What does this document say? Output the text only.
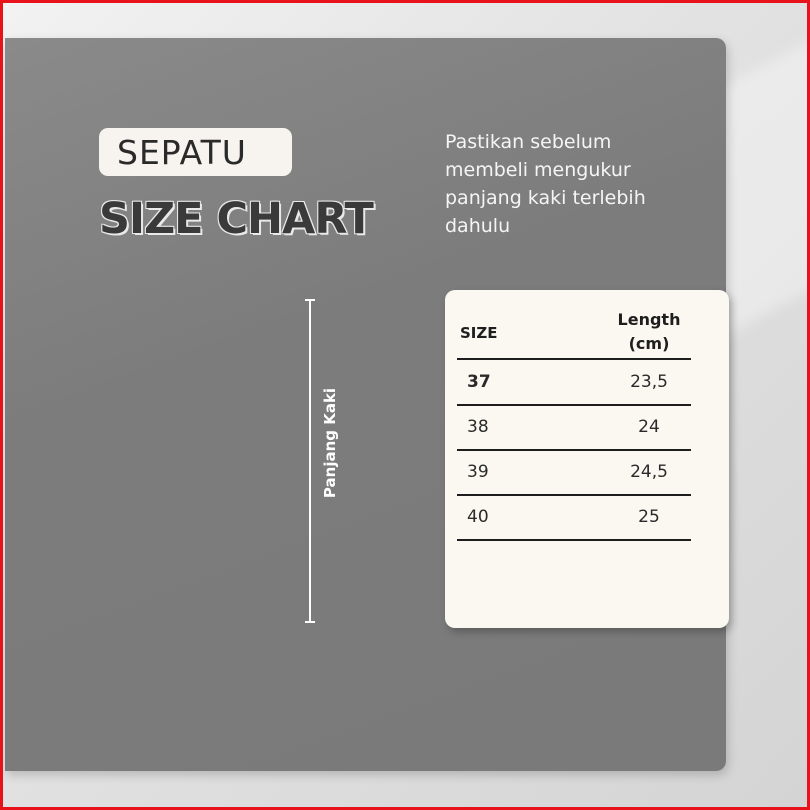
SEPATU
SIZE CHART
Pastikan sebelum membeli mengukur panjang kaki terlebih dahulu
Panjang Kaki
SIZE
Length
(cm)
37	23,5
38	24
39	24,5
40	25
